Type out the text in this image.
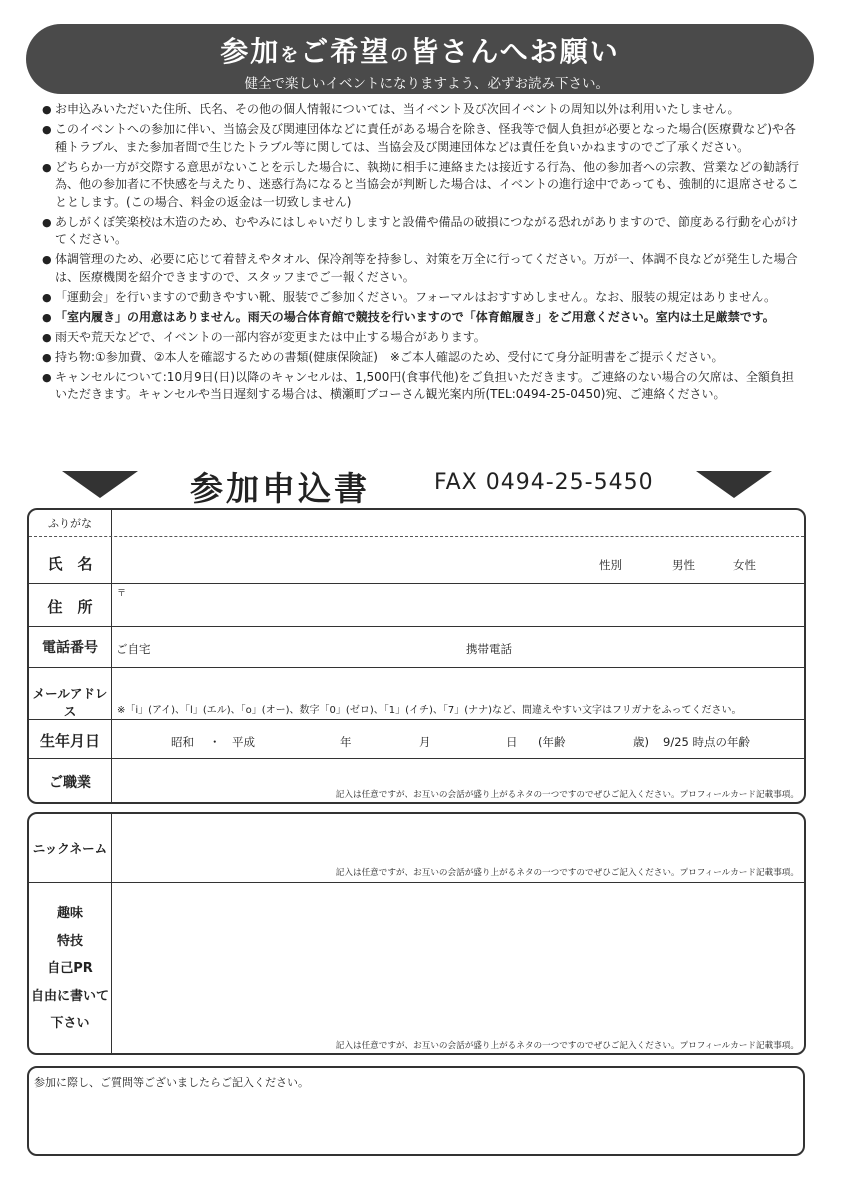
参加をご希望の皆さんへお願い
健全で楽しいイベントになりますよう、必ずお読み下さい。
● お申込みいただいた住所、氏名、その他の個人情報については、当イベント及び次回イベントの周知以外は利用いたしません。
● このイベントへの参加に伴い、当協会及び関連団体などに責任がある場合を除き、怪我等で個人負担が必要となった場合(医療費など)や各種トラブル、また参加者間で生じたトラブル等に関しては、当協会及び関連団体などは責任を負いかねますのでご了承ください。
● どちらか一方が交際する意思がないことを示した場合に、執拗に相手に連絡または接近する行為、他の参加者への宗教、営業などの勧誘行為、他の参加者に不快感を与えたり、迷惑行為になると当協会が判断した場合は、イベントの進行途中であっても、強制的に退席させることとします。(この場合、料金の返金は一切致しません)
● あしがくぼ笑楽校は木造のため、むやみにはしゃいだりしますと設備や備品の破損につながる恐れがありますので、節度ある行動を心がけてください。
● 体調管理のため、必要に応じて着替えやタオル、保冷剤等を持参し、対策を万全に行ってください。万が一、体調不良などが発生した場合は、医療機関を紹介できますので、スタッフまでご一報ください。
● 「運動会」を行いますので動きやすい靴、服装でご参加ください。フォーマルはおすすめしません。なお、服装の規定はありません。
● 「室内履き」の用意はありません。雨天の場合体育館で競技を行いますので「体育館履き」をご用意ください。室内は土足厳禁です。
● 雨天や荒天などで、イベントの一部内容が変更または中止する場合があります。
● 持ち物:①参加費、②本人を確認するための書類(健康保険証)　※ご本人確認のため、受付にて身分証明書をご提示ください。
● キャンセルについて:10月9日(日)以降のキャンセルは、1,500円(食事代他)をご負担いただきます。ご連絡のない場合の欠席は、全額負担いただきます。キャンセルや当日遅刻する場合は、横瀬町ブコーさん観光案内所(TEL:0494-25-0450)宛、ご連絡ください。
参加申込書	FAX 0494-25-5450
ふりがな
氏　名	性別	男性	女性
住　所
〒
電話番号	ご自宅	携帯電話
メールアドレス	※「i」(アイ)、「l」(エル)、「o」(オー)、数字「0」(ゼロ)、「1」(イチ)、「7」(ナナ)など、間違えやすい文字はフリガナをふってください。
生年月日	昭和 ・ 平成	年	月	日 (年齢	歳) 9/25 時点の年齢
ご職業
記入は任意ですが、お互いの会話が盛り上がるネタの一つですのでぜひご記入ください。プロフィールカード記載事項。
ニックネーム
記入は任意ですが、お互いの会話が盛り上がるネタの一つですのでぜひご記入ください。プロフィールカード記載事項。
趣味
特技
自己PR
自由に書いて
下さい
記入は任意ですが、お互いの会話が盛り上がるネタの一つですのでぜひご記入ください。プロフィールカード記載事項。
参加に際し、ご質問等ございましたらご記入ください。
